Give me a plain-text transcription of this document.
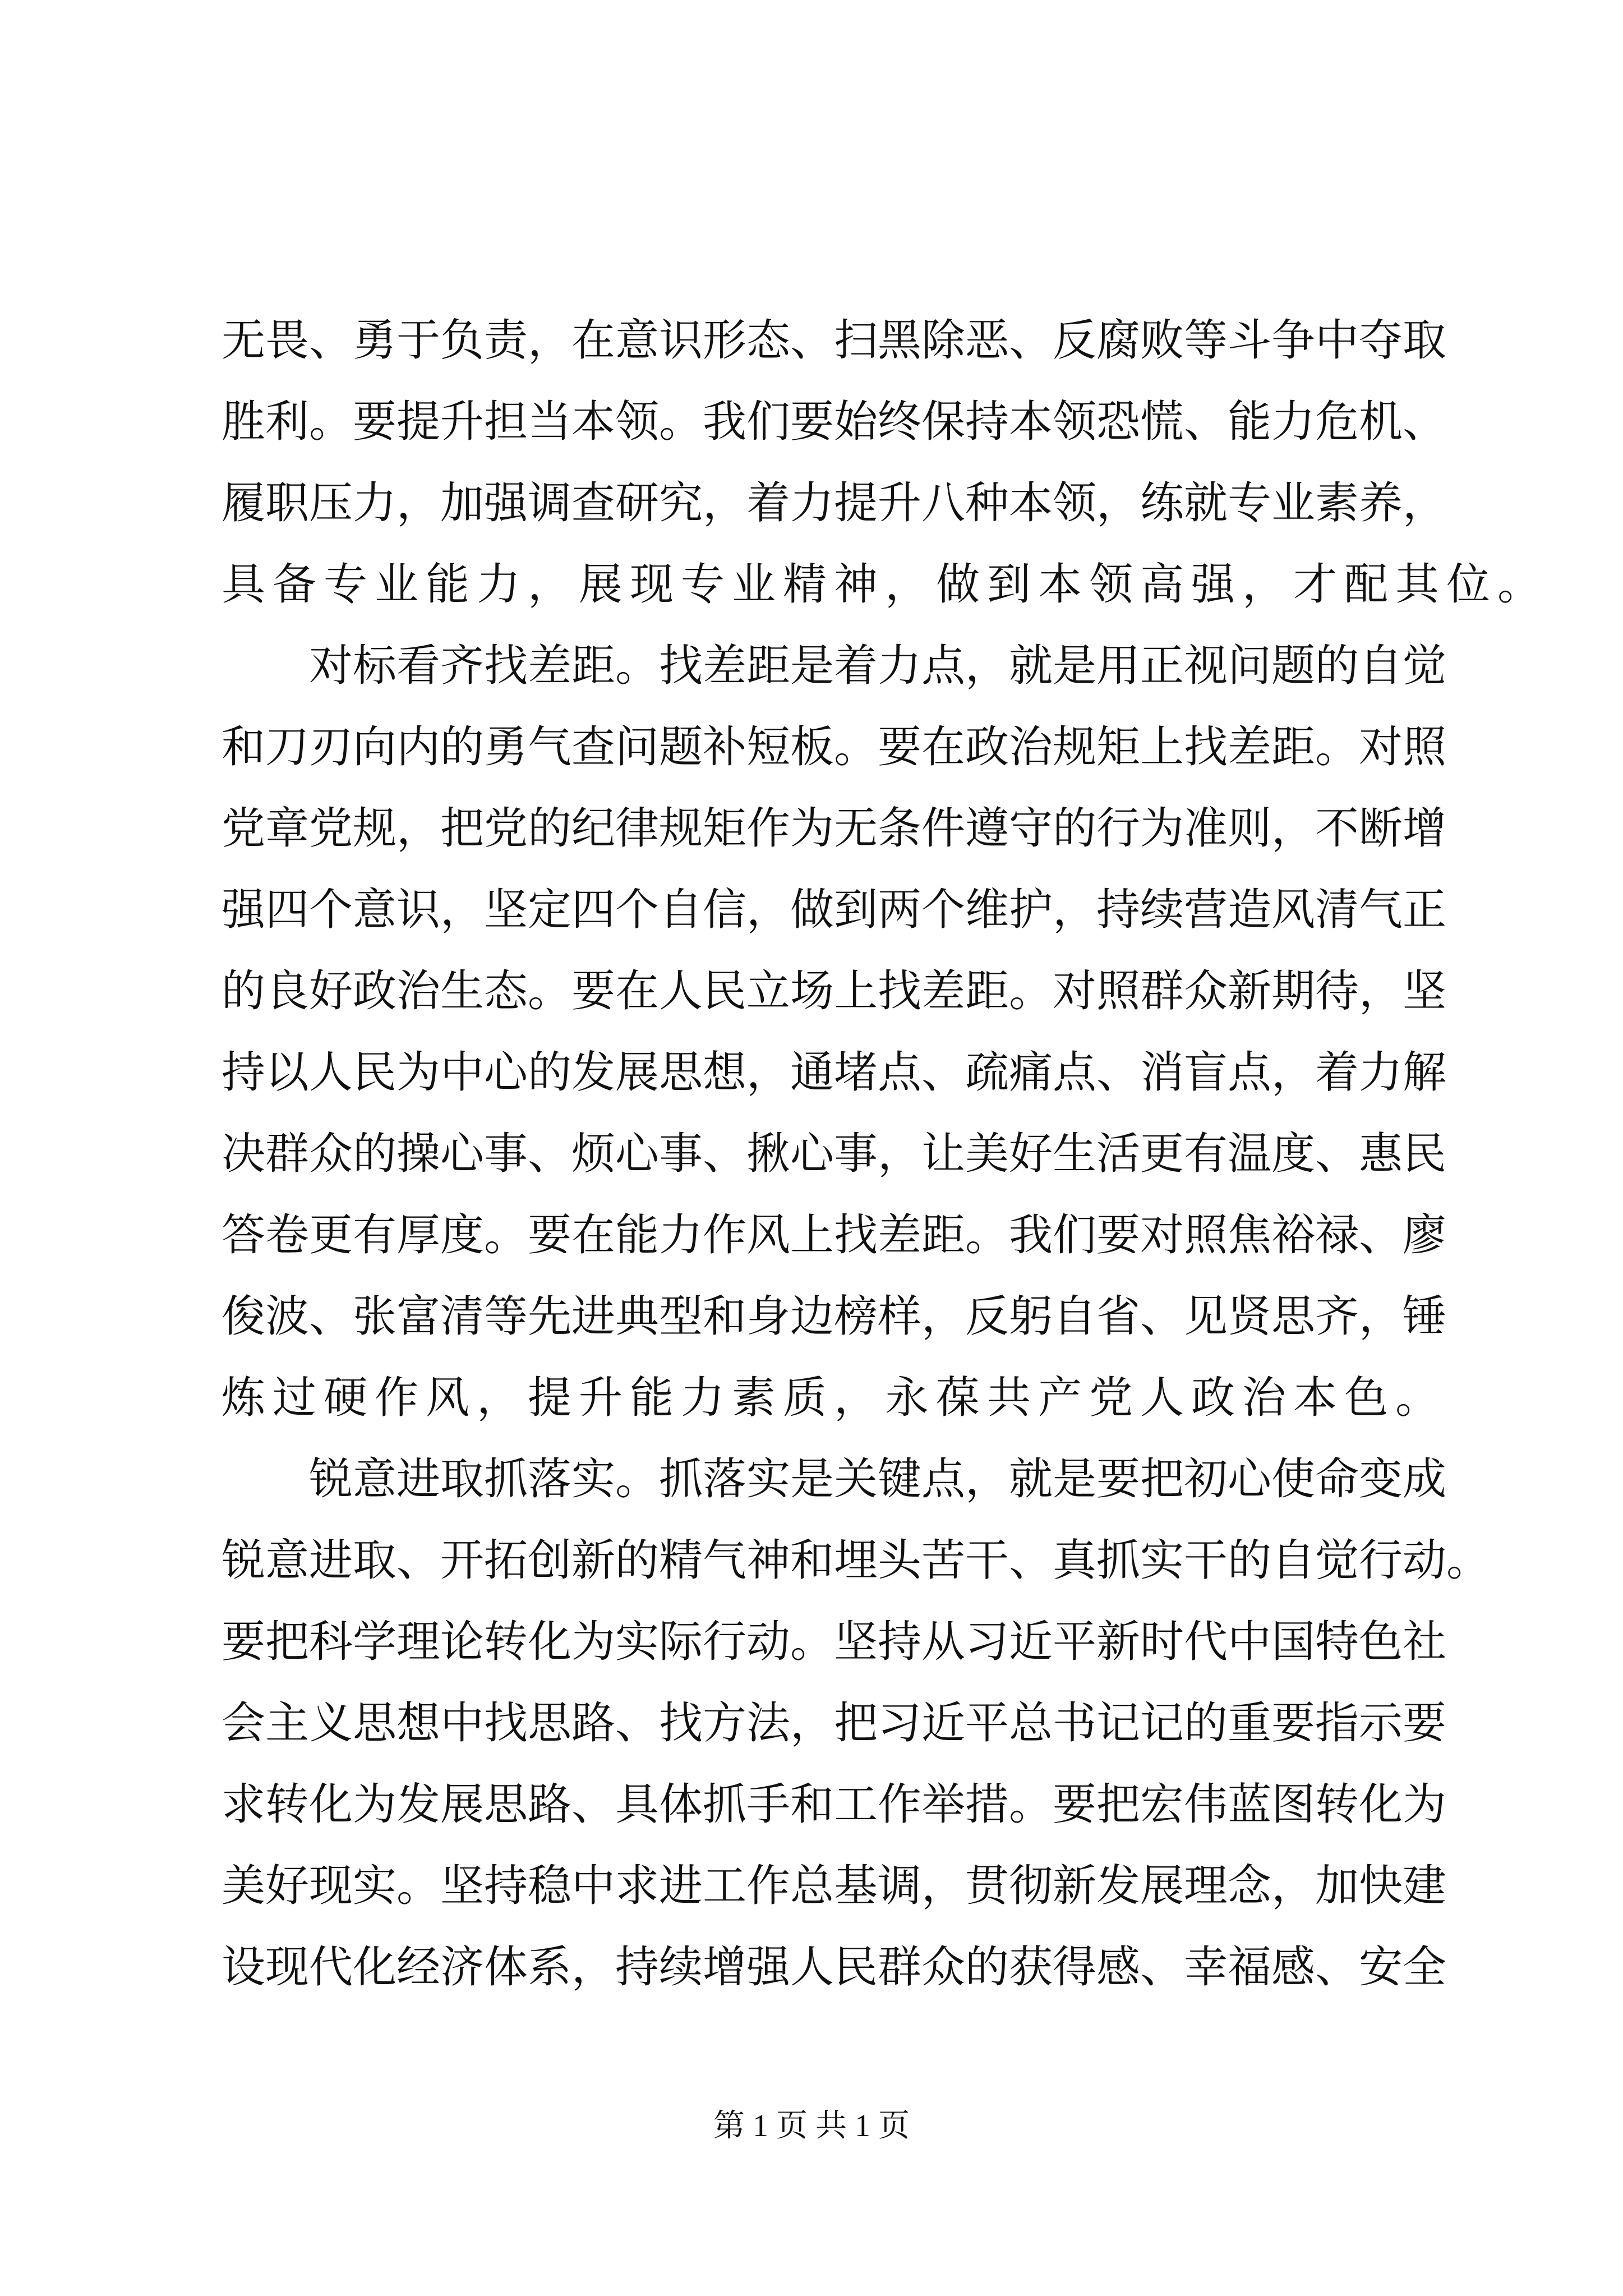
无畏、勇于负责，在意识形态、扫黑除恶、反腐败等斗争中夺取
胜利。要提升担当本领。我们要始终保持本领恐慌、能力危机、
履职压力，加强调查研究，着力提升八种本领，练就专业素养，
具备专业能力，展现专业精神，做到本领高强，才配其位。
对标看齐找差距。找差距是着力点，就是用正视问题的自觉
和刀刃向内的勇气查问题补短板。要在政治规矩上找差距。对照
党章党规，把党的纪律规矩作为无条件遵守的行为准则，不断增
强四个意识，坚定四个自信，做到两个维护，持续营造风清气正
的良好政治生态。要在人民立场上找差距。对照群众新期待，坚
持以人民为中心的发展思想，通堵点、疏痛点、消盲点，着力解
决群众的操心事、烦心事、揪心事，让美好生活更有温度、惠民
答卷更有厚度。要在能力作风上找差距。我们要对照焦裕禄、廖
俊波、张富清等先进典型和身边榜样，反躬自省、见贤思齐，锤
炼过硬作风，提升能力素质，永葆共产党人政治本色。
锐意进取抓落实。抓落实是关键点，就是要把初心使命变成
锐意进取、开拓创新的精气神和埋头苦干、真抓实干的自觉行动。
要把科学理论转化为实际行动。坚持从习近平新时代中国特色社
会主义思想中找思路、找方法，把习近平总书记记的重要指示要
求转化为发展思路、具体抓手和工作举措。要把宏伟蓝图转化为
美好现实。坚持稳中求进工作总基调，贯彻新发展理念，加快建
设现代化经济体系，持续增强人民群众的获得感、幸福感、安全
第 1 页 共 1 页
